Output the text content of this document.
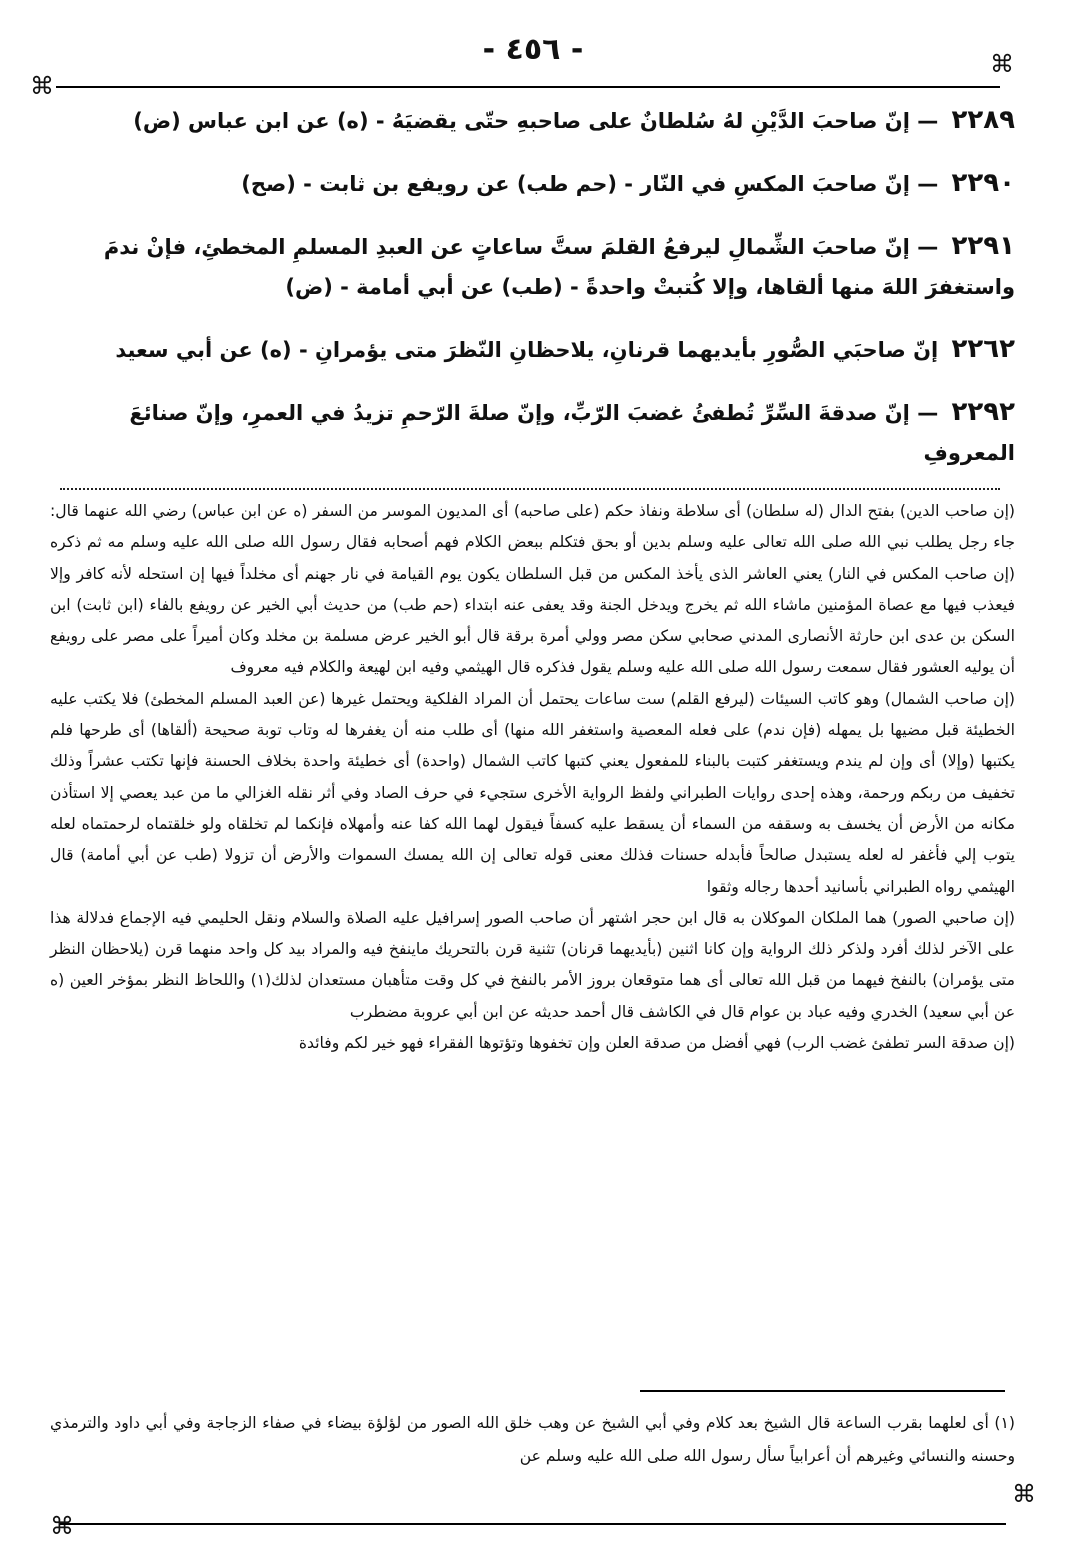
- ٤٥٦ -
⌘
⌘
⌘
⌘
٢٢٨٩ — إنّ صاحبَ الدَّيْنِ لهُ سُلطانٌ على صاحبهِ حتّى يقضيَهُ - (ه) عن ابن عباس (ض)
٢٢٩٠ — إنّ صاحبَ المكسِ في النّار - (حم طب) عن رويفع بن ثابت - (صح)
٢٢٩١ — إنّ صاحبَ الشِّمالِ ليرفعُ القلمَ ستَّ ساعاتٍ عن العبدِ المسلمِ المخطئِ، فإنْ ندمَ واستغفرَ اللهَ منها ألقاها، وإلا كُتبتْ واحدةً - (طب) عن أبي أمامة - (ض)
٢٢٦٢ إنّ صاحبَي الصُّورِ بأيديهما قرنانِ، يلاحظانِ النّظرَ متى يؤمرانِ - (ه) عن أبي سعيد
٢٢٩٢ — إنّ صدقةَ السِّرِّ تُطفئُ غضبَ الرّبِّ، وإنّ صلةَ الرّحمِ تزيدُ في العمرِ، وإنّ صنائعَ المعروفِ

(إن صاحب الدين) بفتح الدال (له سلطان) أى سلاطة ونفاذ حكم (على صاحبه) أى المديون الموسر من السفر (ه عن ابن عباس) رضي الله عنهما قال: جاء رجل يطلب نبي الله صلى الله تعالى عليه وسلم بدين أو بحق فتكلم ببعض الكلام فهم أصحابه فقال رسول الله صلى الله عليه وسلم مه ثم ذكره (إن صاحب المكس في النار) يعني العاشر الذى يأخذ المكس من قبل السلطان يكون يوم القيامة في نار جهنم أى مخلداً فيها إن استحله لأنه كافر وإلا فيعذب فيها مع عصاة المؤمنين ماشاء الله ثم يخرج ويدخل الجنة وقد يعفى عنه ابتداء (حم طب) من حديث أبي الخير عن رويفع بالفاء (ابن ثابت) ابن السكن بن عدى ابن حارثة الأنصارى المدني صحابي سكن مصر وولي أمرة برقة قال أبو الخير عرض مسلمة بن مخلد وكان أميراً على مصر على رويفع أن يوليه العشور فقال سمعت رسول الله صلى الله عليه وسلم يقول فذكره قال الهيثمي وفيه ابن لهيعة والكلام فيه معروف

(إن صاحب الشمال) وهو كاتب السيئات (ليرفع القلم) ست ساعات يحتمل أن المراد الفلكية ويحتمل غيرها (عن العبد المسلم المخطئ) فلا يكتب عليه الخطيئة قبل مضيها بل يمهله (فإن ندم) على فعله المعصية واستغفر الله منها) أى طلب منه أن يغفرها له وتاب توبة صحيحة (ألقاها) أى طرحها فلم يكتبها (وإلا) أى وإن لم يندم ويستغفر كتبت بالبناء للمفعول يعني كتبها كاتب الشمال (واحدة) أى خطيئة واحدة بخلاف الحسنة فإنها تكتب عشراً وذلك تخفيف من ربكم ورحمة، وهذه إحدى روايات الطبراني ولفظ الرواية الأخرى ستجيء في حرف الصاد وفي أثر نقله الغزالي ما من عبد يعصي إلا استأذن مكانه من الأرض أن يخسف به وسقفه من السماء أن يسقط عليه كسفاً فيقول لهما الله كفا عنه وأمهلاه فإنكما لم تخلقاه ولو خلقتماه لرحمتماه لعله يتوب إلي فأغفر له لعله يستبدل صالحاً فأبدله حسنات فذلك معنى قوله تعالى إن الله يمسك السموات والأرض أن تزولا (طب عن أبي أمامة) قال الهيثمي رواه الطبراني بأسانيد أحدها رجاله وثقوا

(إن صاحبي الصور) هما الملكان الموكلان به قال ابن حجر اشتهر أن صاحب الصور إسرافيل عليه الصلاة والسلام ونقل الحليمي فيه الإجماع فدلالة هذا على الآخر لذلك أفرد ولذكر ذلك الرواية وإن كانا اثنين (بأيديهما قرنان) تثنية قرن بالتحريك ماينفخ فيه والمراد بيد كل واحد منهما قرن (يلاحظان النظر متى يؤمران) بالنفخ فيهما من قبل الله تعالى أى هما متوقعان بروز الأمر بالنفخ في كل وقت متأهبان مستعدان لذلك(١) واللحاظ النظر بمؤخر العين (ه عن أبي سعيد) الخدري وفيه عباد بن عوام قال في الكاشف قال أحمد حديثه عن ابن أبي عروبة مضطرب

(إن صدقة السر تطفئ غضب الرب) فهي أفضل من صدقة العلن وإن تخفوها وتؤتوها الفقراء فهو خير لكم وفائدة

(١) أى لعلهما بقرب الساعة قال الشيخ بعد كلام وفي أبي الشيخ عن وهب خلق الله الصور من لؤلؤة بيضاء في صفاء الزجاجة وفي أبي داود والترمذي وحسنه والنسائي وغيرهم أن أعرابياً سأل رسول الله صلى الله عليه وسلم عن
